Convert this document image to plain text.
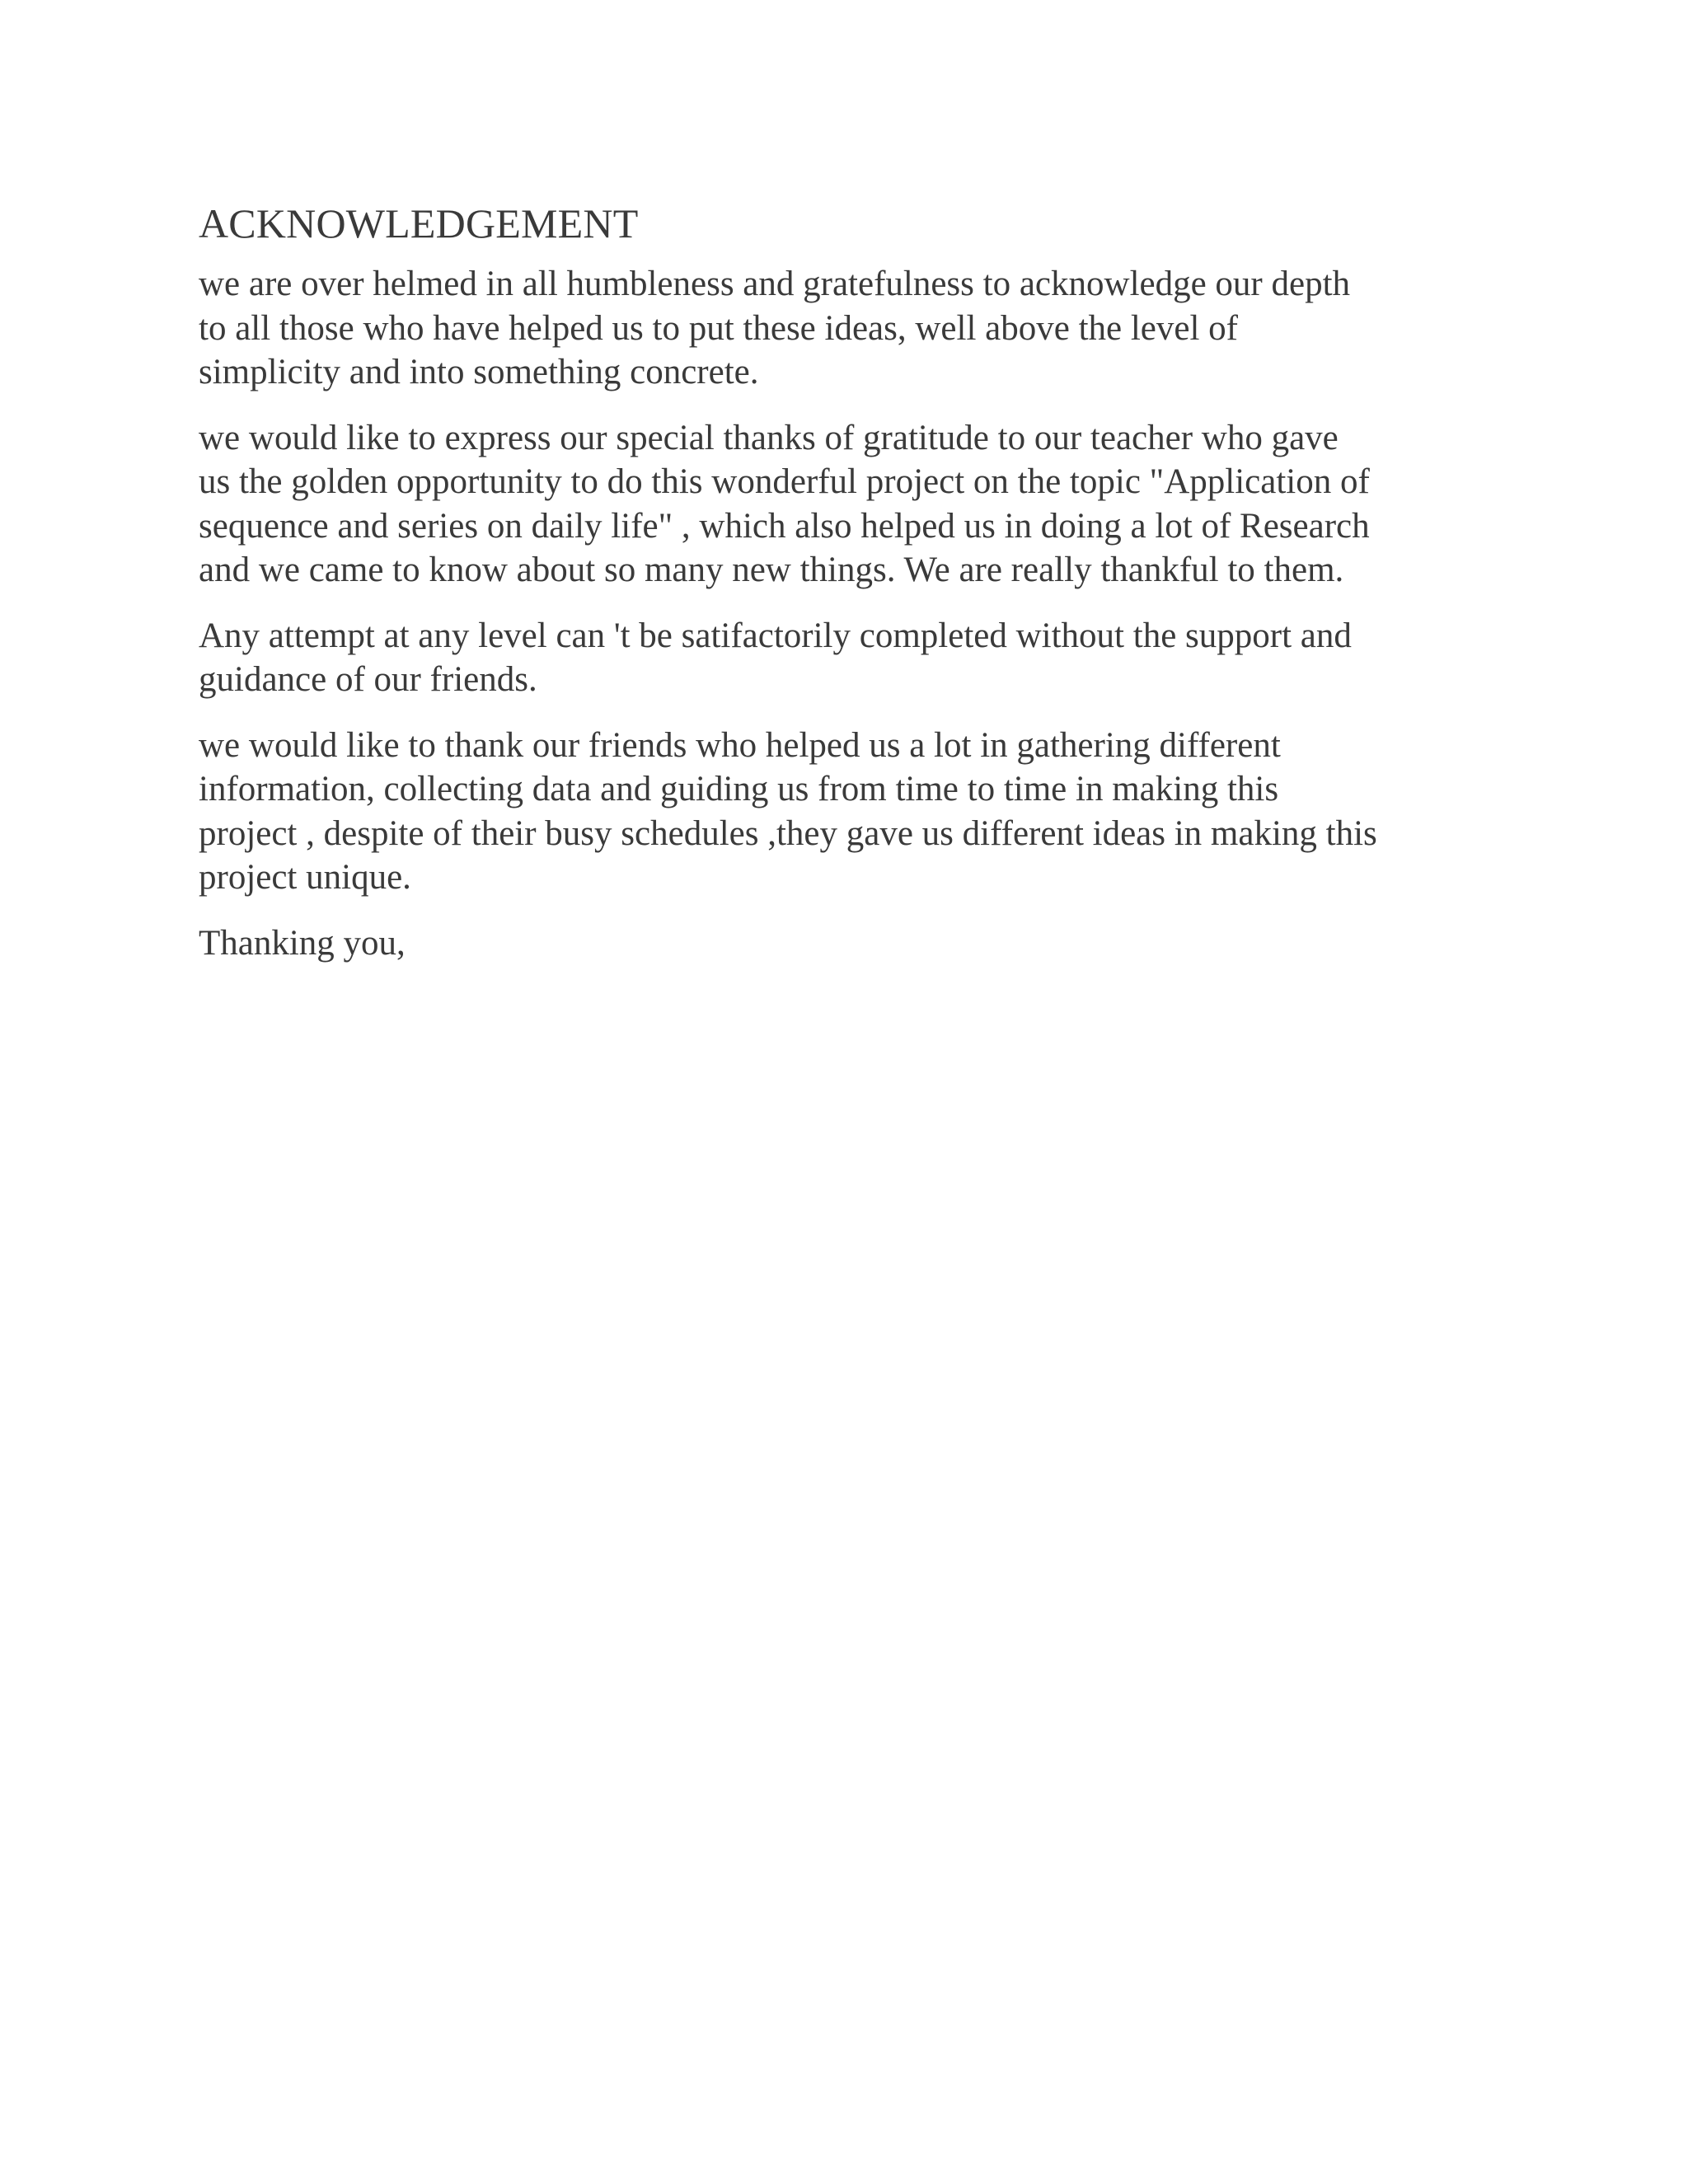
ACKNOWLEDGEMENT

we are over helmed in all humbleness and gratefulness to acknowledge our depth
to all those who have helped us to put these ideas, well above the level of
simplicity and into something concrete.

we would like to express our special thanks of gratitude to our teacher who gave
us the golden opportunity to do this wonderful project on the topic "Application of
sequence and series on daily life" , which also helped us in doing a lot of Research
and we came to know about so many new things. We are really thankful to them.

Any attempt at any level can 't be satifactorily completed without the support and
guidance of our friends.

we would like to thank our friends who helped us a lot in gathering different
information, collecting data and guiding us from time to time in making this
project , despite of their busy schedules ,they gave us different ideas in making this
project unique.

Thanking you,
